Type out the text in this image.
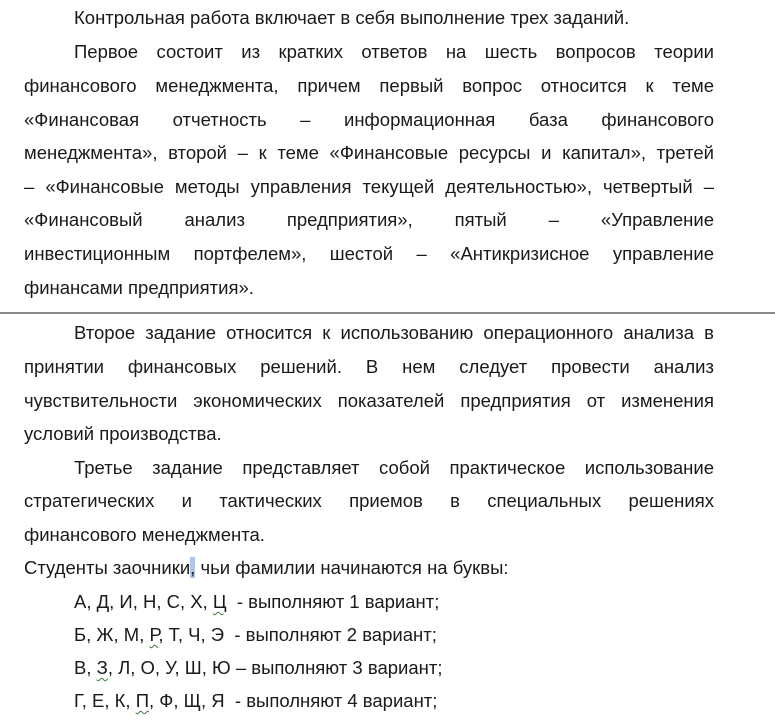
Контрольная работа включает в себя выполнение трех заданий.
Первое состоит из кратких ответов на шесть вопросов теории
финансового менеджмента, причем первый вопрос относится к теме
«Финансовая отчетность – информационная база финансового
менеджмента», второй – к теме «Финансовые ресурсы и капитал», третей
– «Финансовые методы управления текущей деятельностью», четвертый –
«Финансовый анализ предприятия», пятый – «Управление
инвестиционным портфелем», шестой – «Антикризисное управление
финансами предприятия».
Второе задание относится к использованию операционного анализа в
принятии финансовых решений. В нем следует провести анализ
чувствительности экономических показателей предприятия от изменения
условий производства.
Третье задание представляет собой практическое использование
стратегических и тактических приемов в специальных решениях
финансового менеджмента.
Студенты заочники, чьи фамилии начинаются на буквы:
А, Д, И, Н, С, Х, Ц  - выполняют 1 вариант;
Б, Ж, М, Р, Т, Ч, Э  - выполняют 2 вариант;
В, З, Л, О, У, Ш, Ю – выполняют 3 вариант;
Г, Е, К, П, Ф, Щ, Я  - выполняют 4 вариант;
